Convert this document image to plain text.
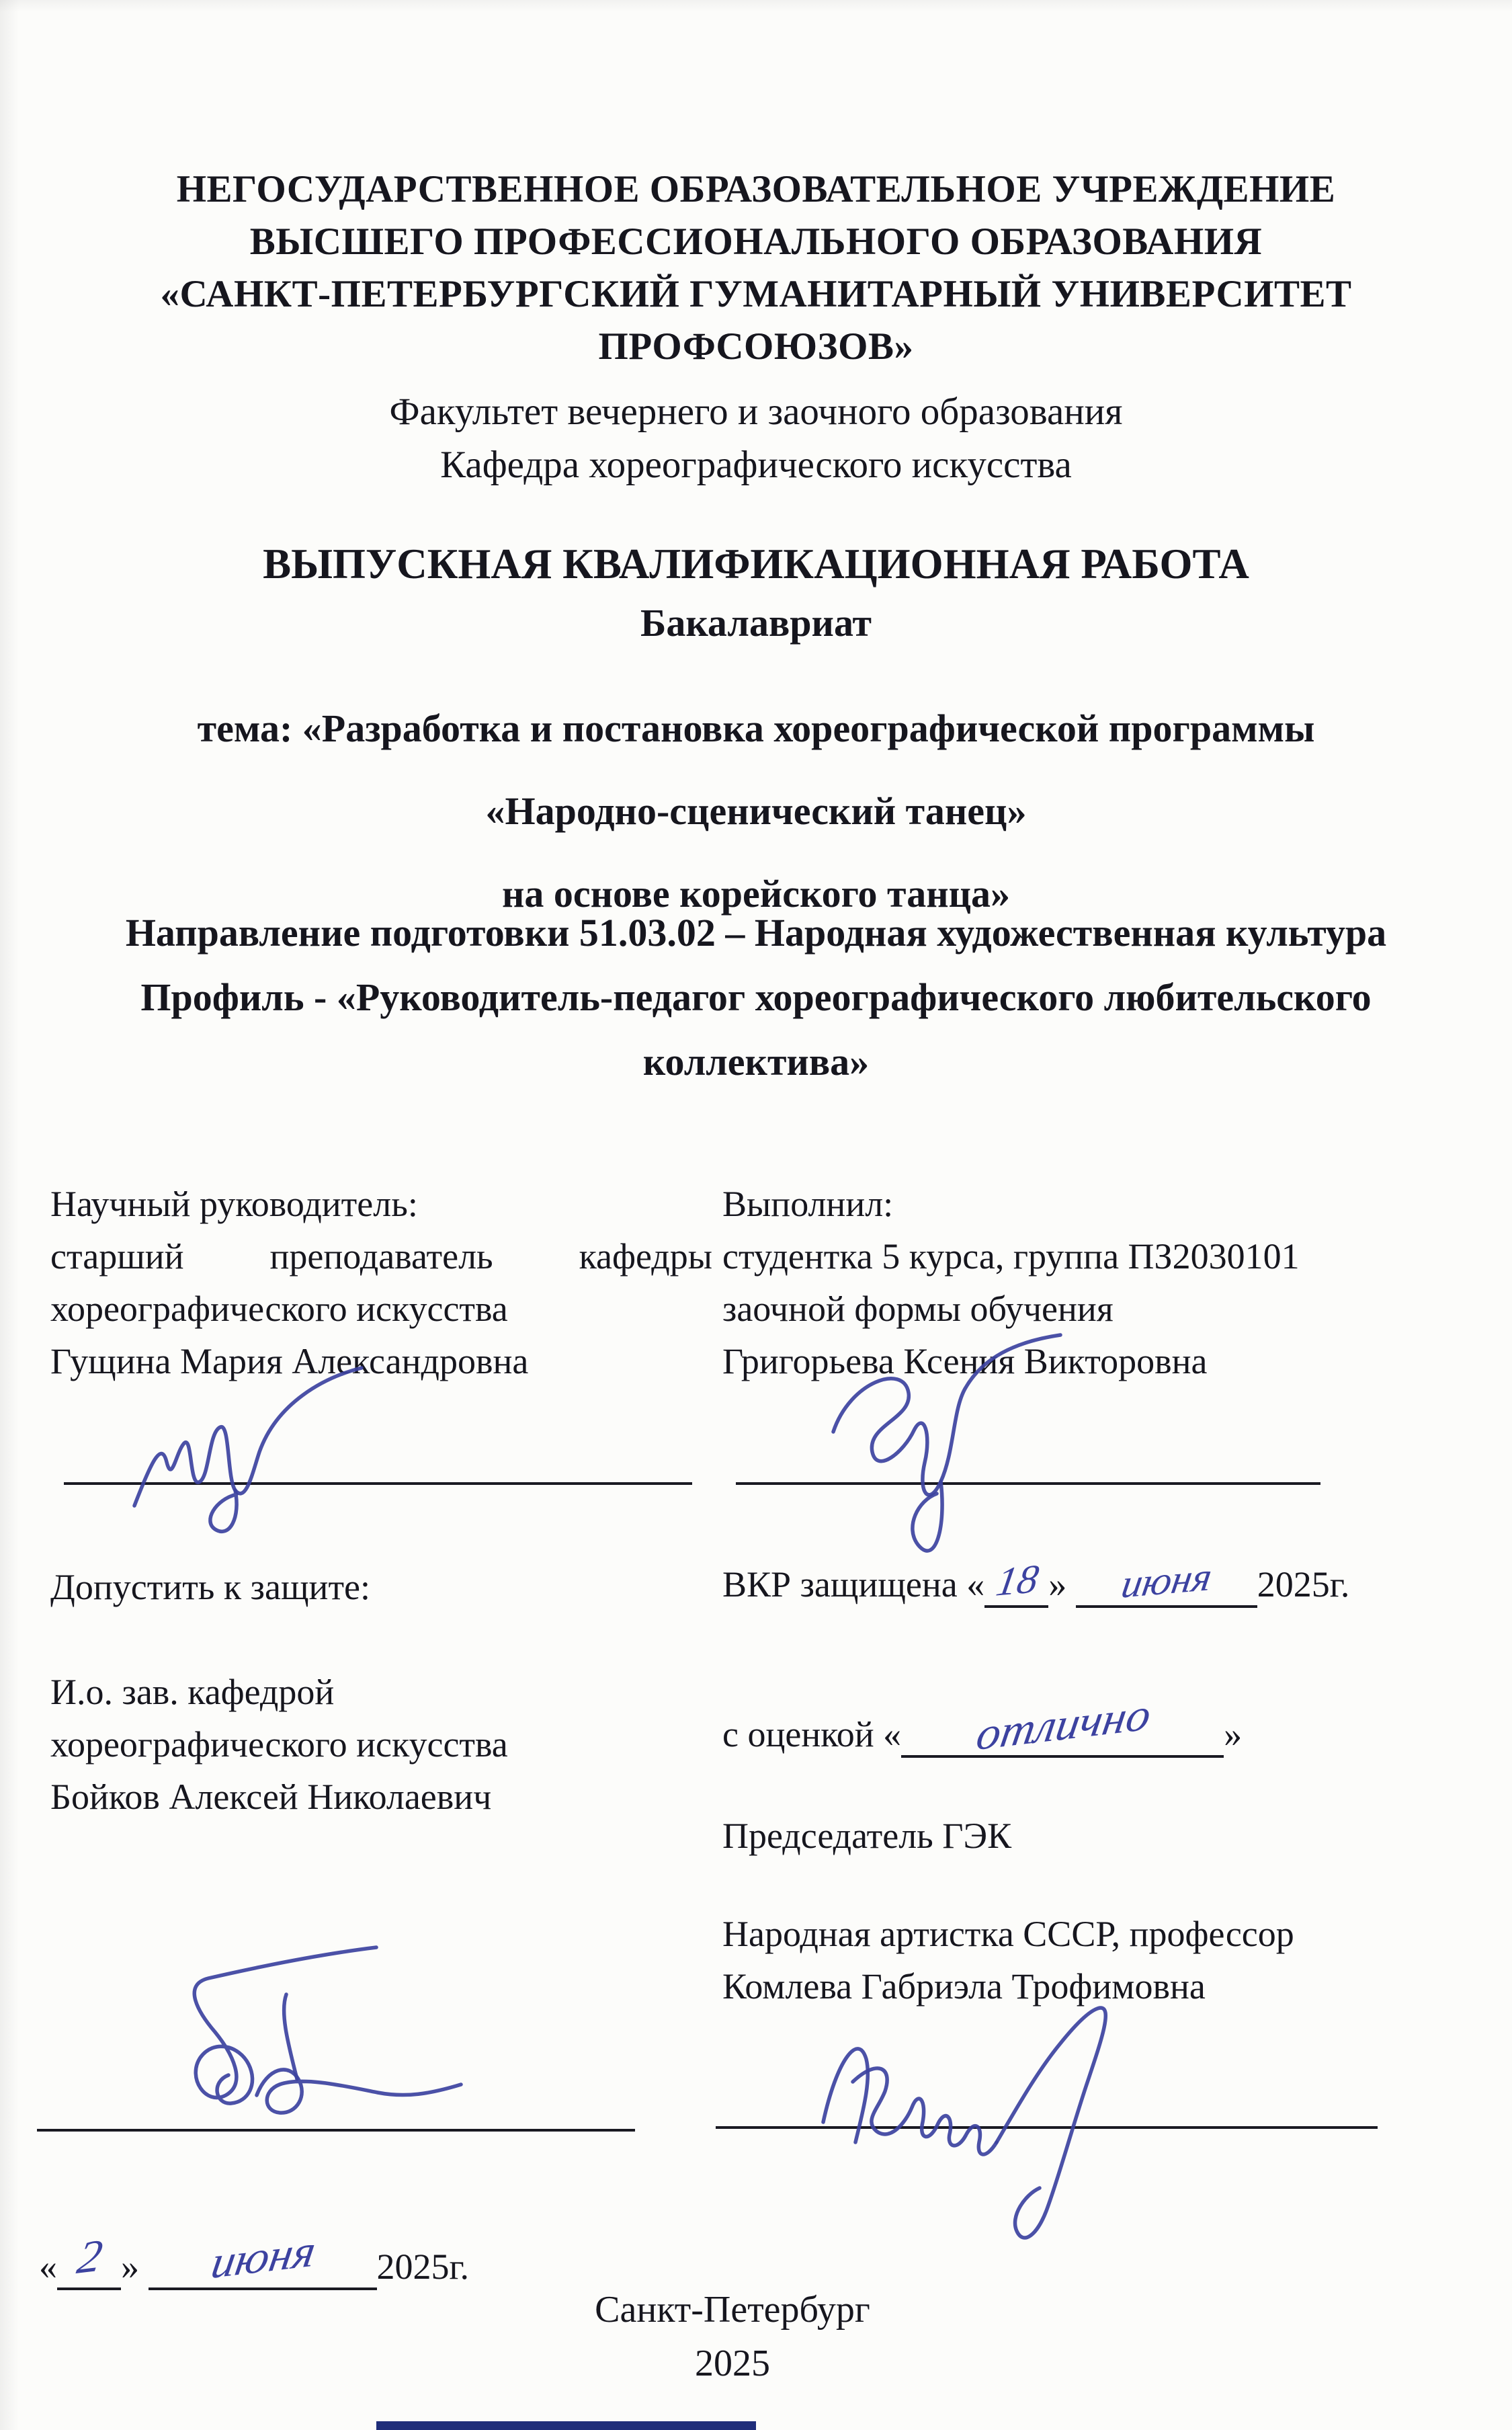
НЕГОСУДАРСТВЕННОЕ ОБРАЗОВАТЕЛЬНОЕ УЧРЕЖДЕНИЕ
ВЫСШЕГО ПРОФЕССИОНАЛЬНОГО ОБРАЗОВАНИЯ
«САНКТ-ПЕТЕРБУРГСКИЙ ГУМАНИТАРНЫЙ УНИВЕРСИТЕТ
ПРОФСОЮЗОВ»
Факультет вечернего и заочного образования
Кафедра хореографического искусства
ВЫПУСКНАЯ КВАЛИФИКАЦИОННАЯ РАБОТА
Бакалавриат
тема: «Разработка и постановка хореографической программы
«Народно-сценический танец»
на основе корейского танца»
Направление подготовки 51.03.02 – Народная художественная культура
Профиль - «Руководитель-педагог хореографического любительского
коллектива»
Научный руководитель:
старший преподаватель кафедры
хореографического искусства
Гущина Мария Александровна
Выполнил:
студентка 5 курса, группа ПЗ2030101
заочной формы обучения
Григорьева Ксения Викторовна
Допустить к защите:	ВКР защищена « 18 » июня 2025г.
И.о. зав. кафедрой
хореографического искусства
Бойков Алексей Николаевич
с оценкой « отлично »
Председатель ГЭК
Народная артистка СССР, профессор
Комлева Габриэла Трофимовна
« 2 » июня 2025г.
Санкт-Петербург
2025
